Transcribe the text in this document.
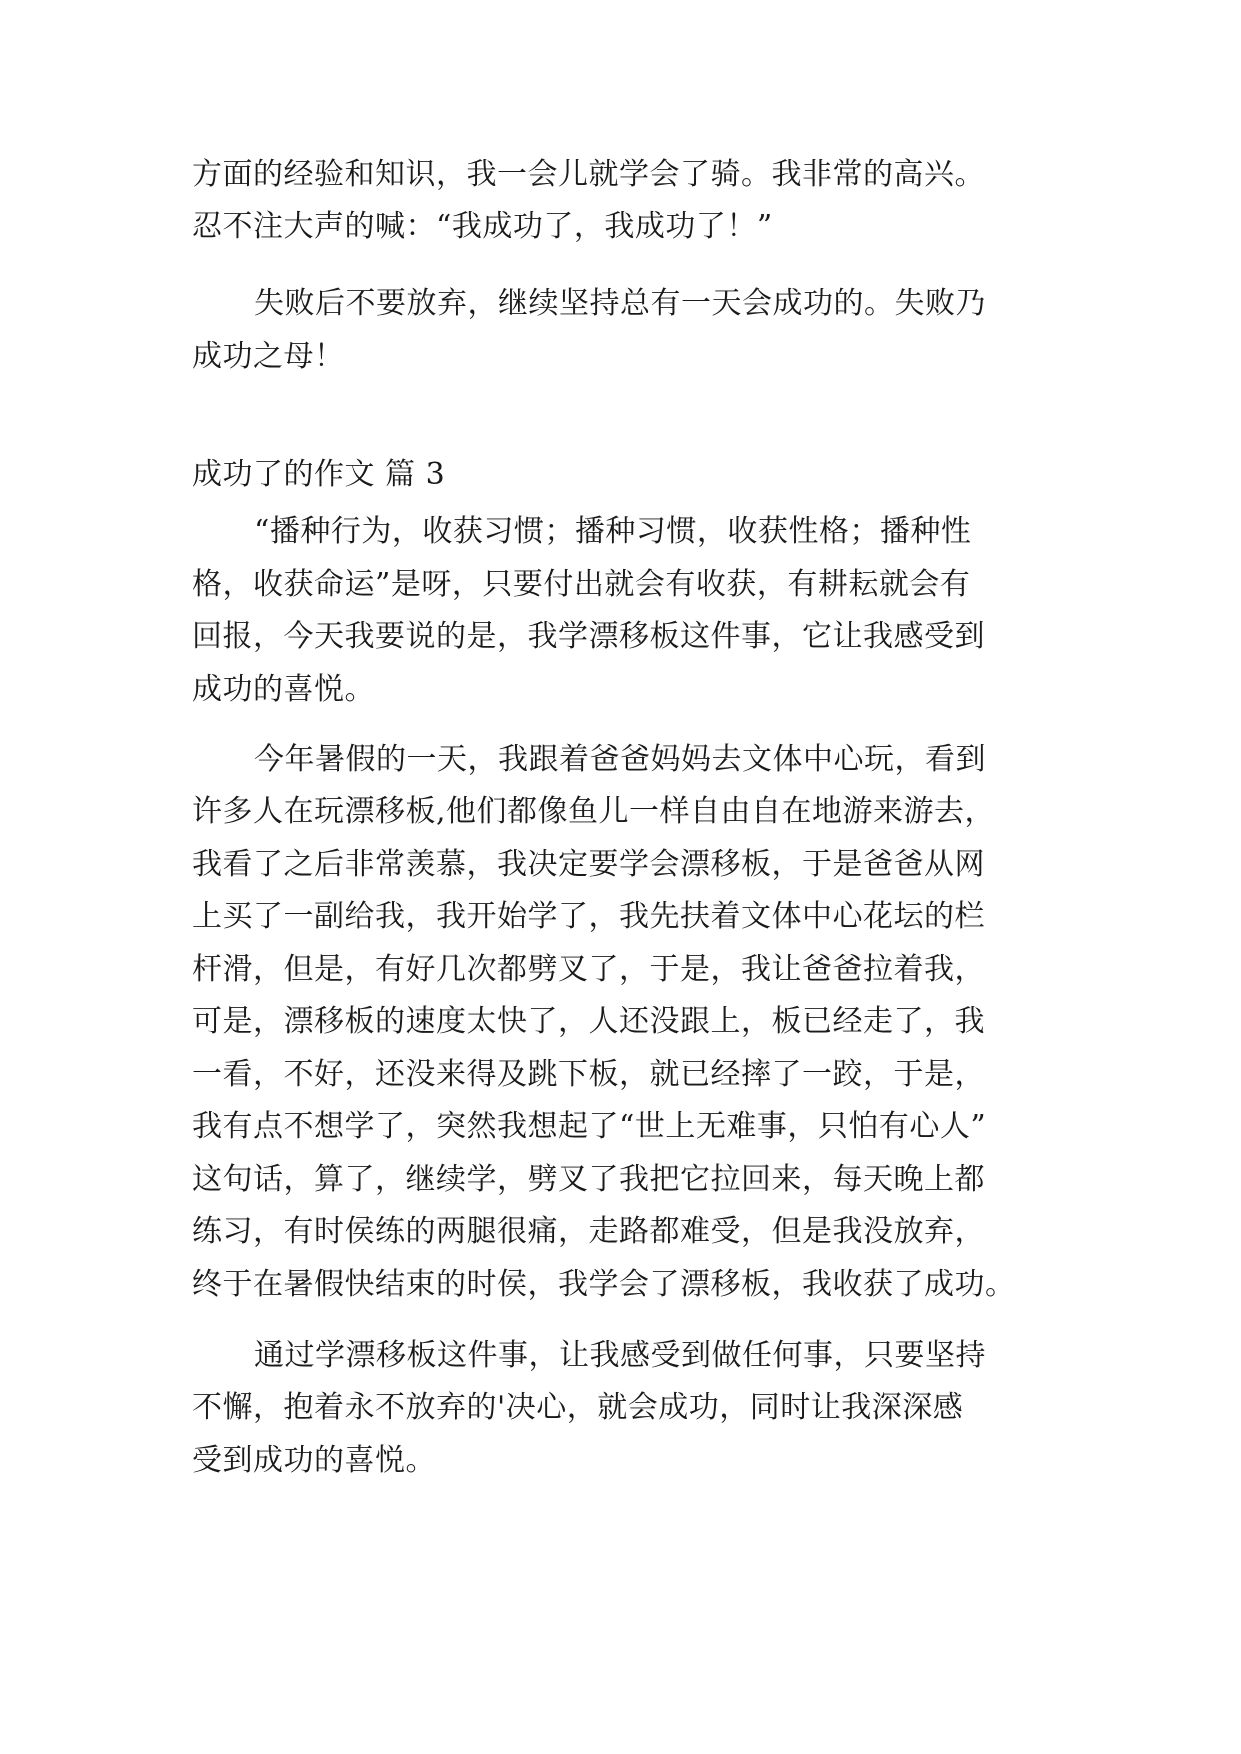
方面的经验和知识，我一会儿就学会了骑。我非常的高兴。
忍不注大声的喊：“我成功了，我成功了！”
失败后不要放弃，继续坚持总有一天会成功的。失败乃
成功之母！
成功了的作文 篇 3
“播种行为，收获习惯；播种习惯，收获性格；播种性
格，收获命运”是呀，只要付出就会有收获，有耕耘就会有
回报，今天我要说的是，我学漂移板这件事，它让我感受到
成功的喜悦。
今年暑假的一天，我跟着爸爸妈妈去文体中心玩，看到
许多人在玩漂移板,他们都像鱼儿一样自由自在地游来游去，
我看了之后非常羡慕，我决定要学会漂移板，于是爸爸从网
上买了一副给我，我开始学了，我先扶着文体中心花坛的栏
杆滑，但是，有好几次都劈叉了，于是，我让爸爸拉着我，
可是，漂移板的速度太快了，人还没跟上，板已经走了，我
一看，不好，还没来得及跳下板，就已经摔了一跤，于是，
我有点不想学了，突然我想起了“世上无难事，只怕有心人”
这句话，算了，继续学，劈叉了我把它拉回来，每天晚上都
练习，有时侯练的两腿很痛，走路都难受，但是我没放弃，
终于在暑假快结束的时侯，我学会了漂移板，我收获了成功。
通过学漂移板这件事，让我感受到做任何事，只要坚持
不懈，抱着永不放弃的'决心，就会成功，同时让我深深感
受到成功的喜悦。
